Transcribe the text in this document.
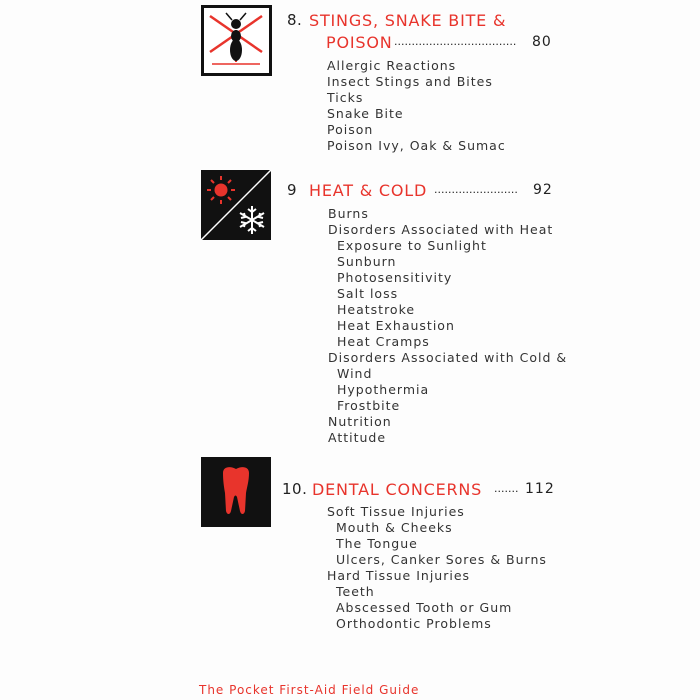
8. STINGS, SNAKE BITE &
POISON ................................... 80
Allergic Reactions
Insect Stings and Bites
Ticks
Snake Bite
Poison
Poison Ivy, Oak & Sumac
9 HEAT & COLD ........................ 92
Burns
Disorders Associated with Heat
Exposure to Sunlight
Sunburn
Photosensitivity
Salt loss
Heatstroke
Heat Exhaustion
Heat Cramps
Disorders Associated with Cold &
Wind
Hypothermia
Frostbite
Nutrition
Attitude
10. DENTAL CONCERNS ....... 112
Soft Tissue Injuries
Mouth & Cheeks
The Tongue
Ulcers, Canker Sores & Burns
Hard Tissue Injuries
Teeth
Abscessed Tooth or Gum
Orthodontic Problems
The Pocket First-Aid Field Guide
